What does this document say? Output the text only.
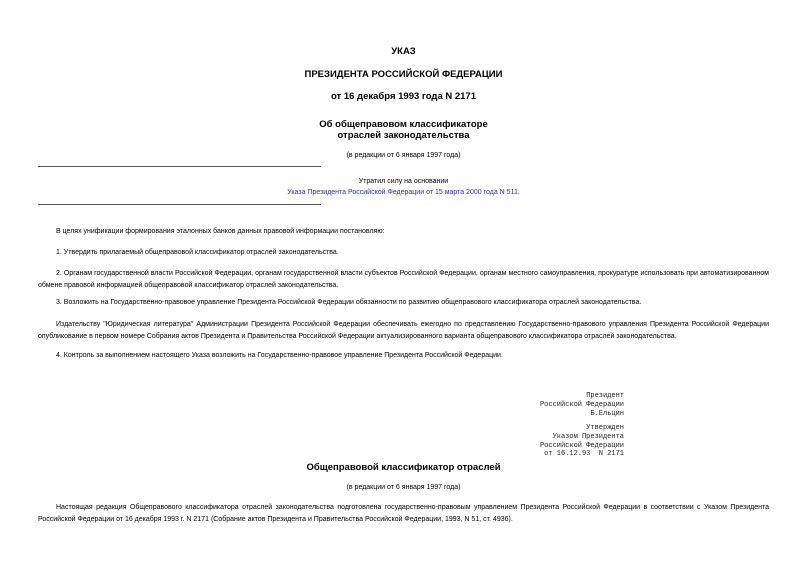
УКАЗ
ПРЕЗИДЕНТА РОССИЙСКОЙ ФЕДЕРАЦИИ
от 16 декабря 1993 года N 2171
Об общеправовом классификаторе
отраслей законодательства
(в редакции от 6 января 1997 года)
Утратил силу на основании
Указа Президента Российской Федерации от 15 марта 2000 года N 511.
В целях унификации формирования эталонных банков данных правовой информации постановляю:
1. Утвердить прилагаемый общеправовой классификатор отраслей законодательства.
2. Органам государственной власти Российской Федерации, органам государственной власти субъектов Российской Федерации, органам местного самоуправления, прокуратуре использовать при автоматизированном обмене правовой информацией общеправовой классификатор отраслей законодательства.
3. Возложить на Государственно-правовое управление Президента Российской Федерации обязанности по развитию общеправового классификатора отраслей законодательства.
Издательству "Юридическая литература" Администрации Президента Российской Федерации обеспечивать ежегодно по представлению Государственно-правового управления Президента Российской Федерации опубликование в первом номере Собрания актов Президента и Правительства Российской Федерации актуализированного варианта общеправового классификатора отраслей законодательства.
4. Контроль за выполнением настоящего Указа возложить на Государственно-правовое управление Президента Российской Федерации.
Президент
Российской Федерации
Б.Ельцин
Утвержден
Указом Президента
Российской Федерации
от 16.12.93  N 2171
Общеправовой классификатор отраслей
(в редакции от 6 января 1997 года)
Настоящая редакция Общеправового классификатора отраслей законодательства подготовлена государственно-правовым управлением Президента Российской Федерации в соответствии с Указом Президента Российской Федерации от 16 декабря 1993 г. N 2171 (Собрание актов Президента и Правительства Российской Федерации, 1993, N 51, ст. 4936).
